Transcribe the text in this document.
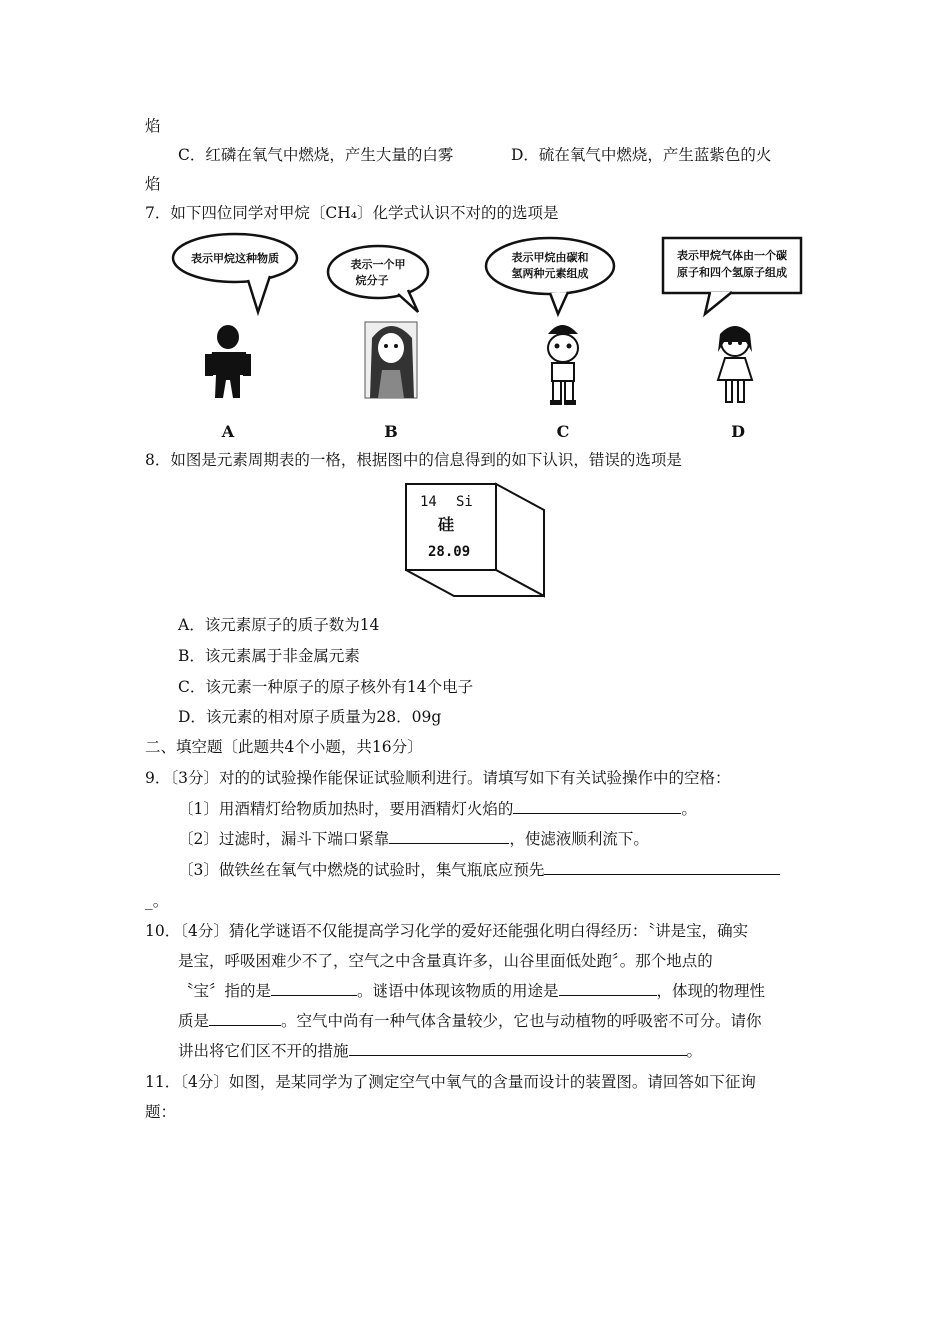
焰
C．红磷在氧气中燃烧，产生大量的白雾	D．硫在氧气中燃烧，产生蓝紫色的火
焰
7．如下四位同学对甲烷〔CH₄〕化学式认识不对的的选项是
表示甲烷这种物质	表示一个甲
烷分子
表示甲烷由碳和
氢两种元素组成
表示甲烷气体由一个碳
原子和四个氢原子组成
A	B	C	D
8．如图是元素周期表的一格，根据图中的信息得到的如下认识，错误的选项是
14 Si
硅
28.09
A．该元素原子的质子数为14
B．该元素属于非金属元素
C．该元素一种原子的原子核外有14个电子
D．该元素的相对原子质量为28．09g
二、填空题〔此题共4个小题，共16分〕
9．〔3分〕对的的试验操作能保证试验顺利进行。请填写如下有关试验操作中的空格：
〔1〕用酒精灯给物质加热时，要用酒精灯火焰的	。
〔2〕过滤时，漏斗下端口紧靠	，使滤液顺利流下。
〔3〕做铁丝在氧气中燃烧的试验时，集气瓶底应预先
_。
10．〔4分〕猜化学谜语不仅能提高学习化学的爱好还能强化明白得经历：〝讲是宝，确实
是宝，呼吸困难少不了，空气之中含量真许多，山谷里面低处跑〞。那个地点的
〝宝〞指的是	。谜语中体现该物质的用途是	，体现的物理性
质是	。空气中尚有一种气体含量较少，它也与动植物的呼吸密不可分。请你
讲出将它们区不开的措施	。
11．〔4分〕如图，是某同学为了测定空气中氧气的含量而设计的装置图。请回答如下征询
题：
